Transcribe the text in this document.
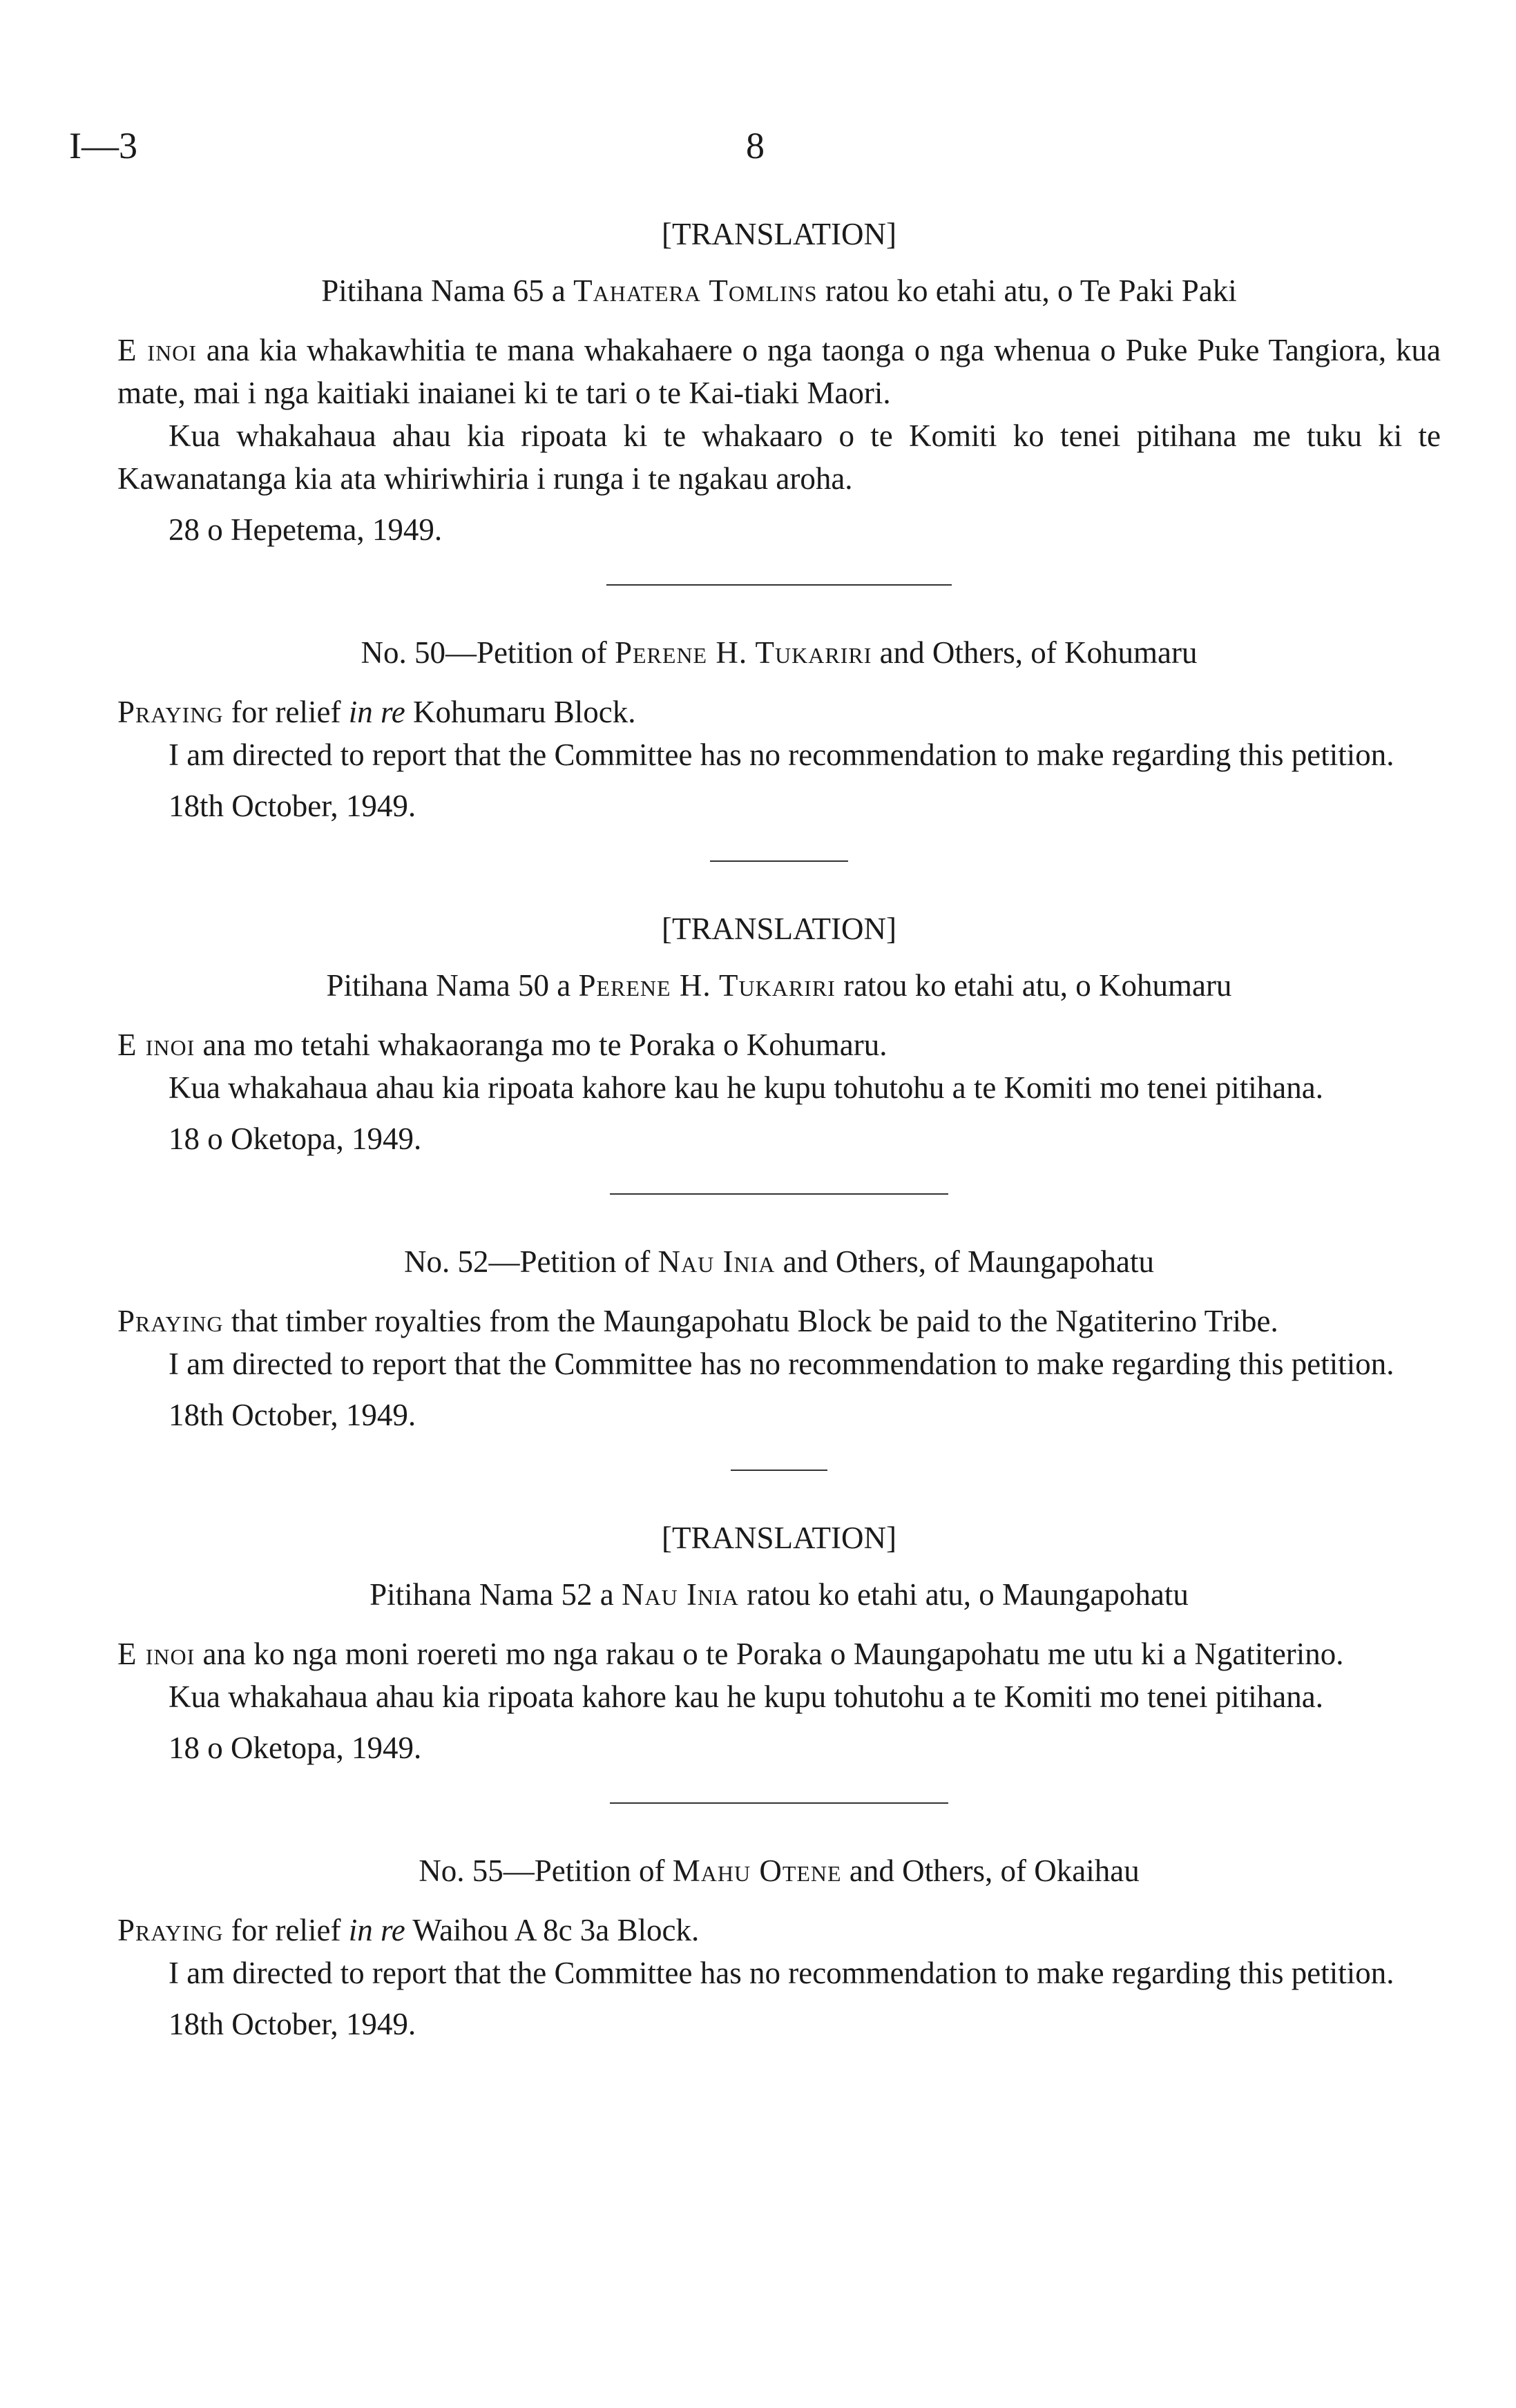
I—3	8

[TRANSLATION]

Pitihana Nama 65 a Tahatera Tomlins ratou ko etahi atu, o Te Paki Paki

E inoi ana kia whakawhitia te mana whakahaere o nga taonga o nga whenua o Puke Puke Tangiora, kua mate, mai i nga kaitiaki inaianei ki te tari o te Kai-tiaki Maori.

Kua whakahaua ahau kia ripoata ki te whakaaro o te Komiti ko tenei pitihana me tuku ki te Kawanatanga kia ata whiriwhiria i runga i te ngakau aroha.

28 o Hepetema, 1949.

No. 50—Petition of Perene H. Tukariri and Others, of Kohumaru

Praying for relief in re Kohumaru Block.

I am directed to report that the Committee has no recommendation to make regarding this petition.

18th October, 1949.

[TRANSLATION]

Pitihana Nama 50 a Perene H. Tukariri ratou ko etahi atu, o Kohumaru

E inoi ana mo tetahi whakaoranga mo te Poraka o Kohumaru.

Kua whakahaua ahau kia ripoata kahore kau he kupu tohutohu a te Komiti mo tenei pitihana.

18 o Oketopa, 1949.

No. 52—Petition of Nau Inia and Others, of Maungapohatu

Praying that timber royalties from the Maungapohatu Block be paid to the Ngatiterino Tribe.

I am directed to report that the Committee has no recommendation to make regarding this petition.

18th October, 1949.

[TRANSLATION]

Pitihana Nama 52 a Nau Inia ratou ko etahi atu, o Maungapohatu

E inoi ana ko nga moni roereti mo nga rakau o te Poraka o Maungapohatu me utu ki a Ngatiterino.

Kua whakahaua ahau kia ripoata kahore kau he kupu tohutohu a te Komiti mo tenei pitihana.

18 o Oketopa, 1949.

No. 55—Petition of Mahu Otene and Others, of Okaihau

Praying for relief in re Waihou A 8c 3a Block.

I am directed to report that the Committee has no recommendation to make regarding this petition.

18th October, 1949.
